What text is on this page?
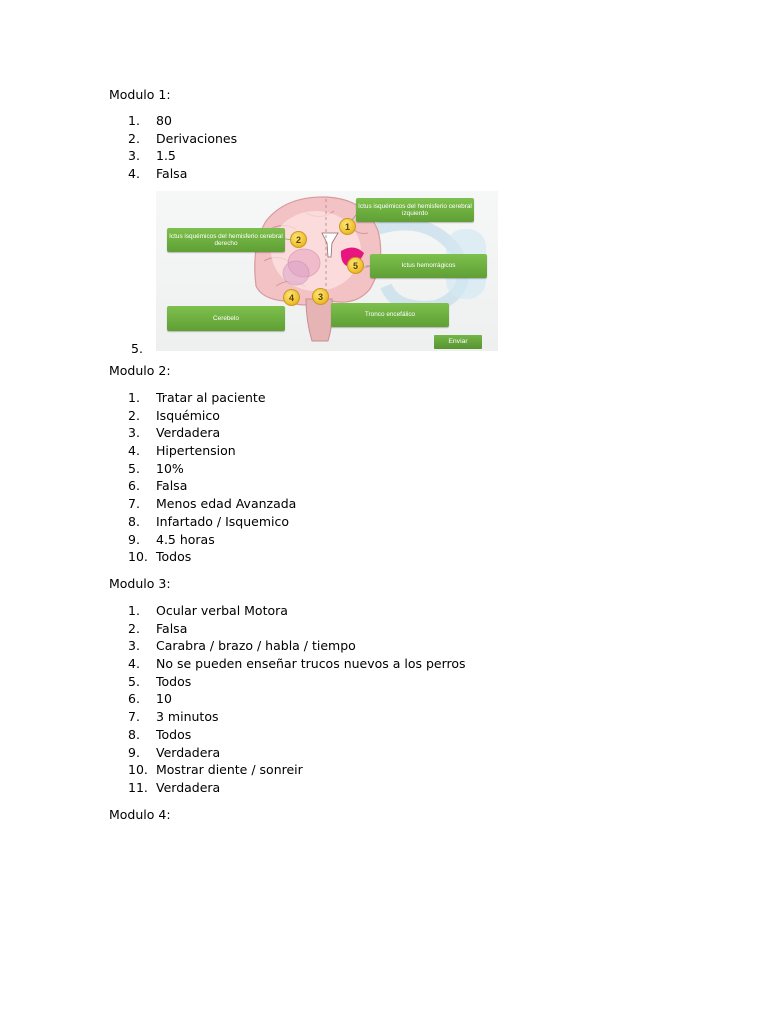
Modulo 1:
1.	80
2.	Derivaciones
3.	1.5
4.	Falsa
Ictus isquémicos del hemisferio cerebral derecho
Ictus isquémicos del hemisferio cerebral izquierdo
Ictus hemorrágicos
Cerebelo	Tronco encefálico
1
2
3
4
5
Enviar
5.
Modulo 2:
1.	Tratar al paciente
2.	Isquémico
3.	Verdadera
4.	Hipertension
5.	10%
6.	Falsa
7.	Menos edad Avanzada
8.	Infartado / Isquemico
9.	4.5 horas
10. Todos
Modulo 3:
1.	Ocular verbal Motora
2.	Falsa
3.	Carabra / brazo / habla / tiempo
4.	No se pueden enseñar trucos nuevos a los perros
5.	Todos
6.	10
7.	3 minutos
8.	Todos
9.	Verdadera
10. Mostrar diente / sonreir
11. Verdadera
Modulo 4:
